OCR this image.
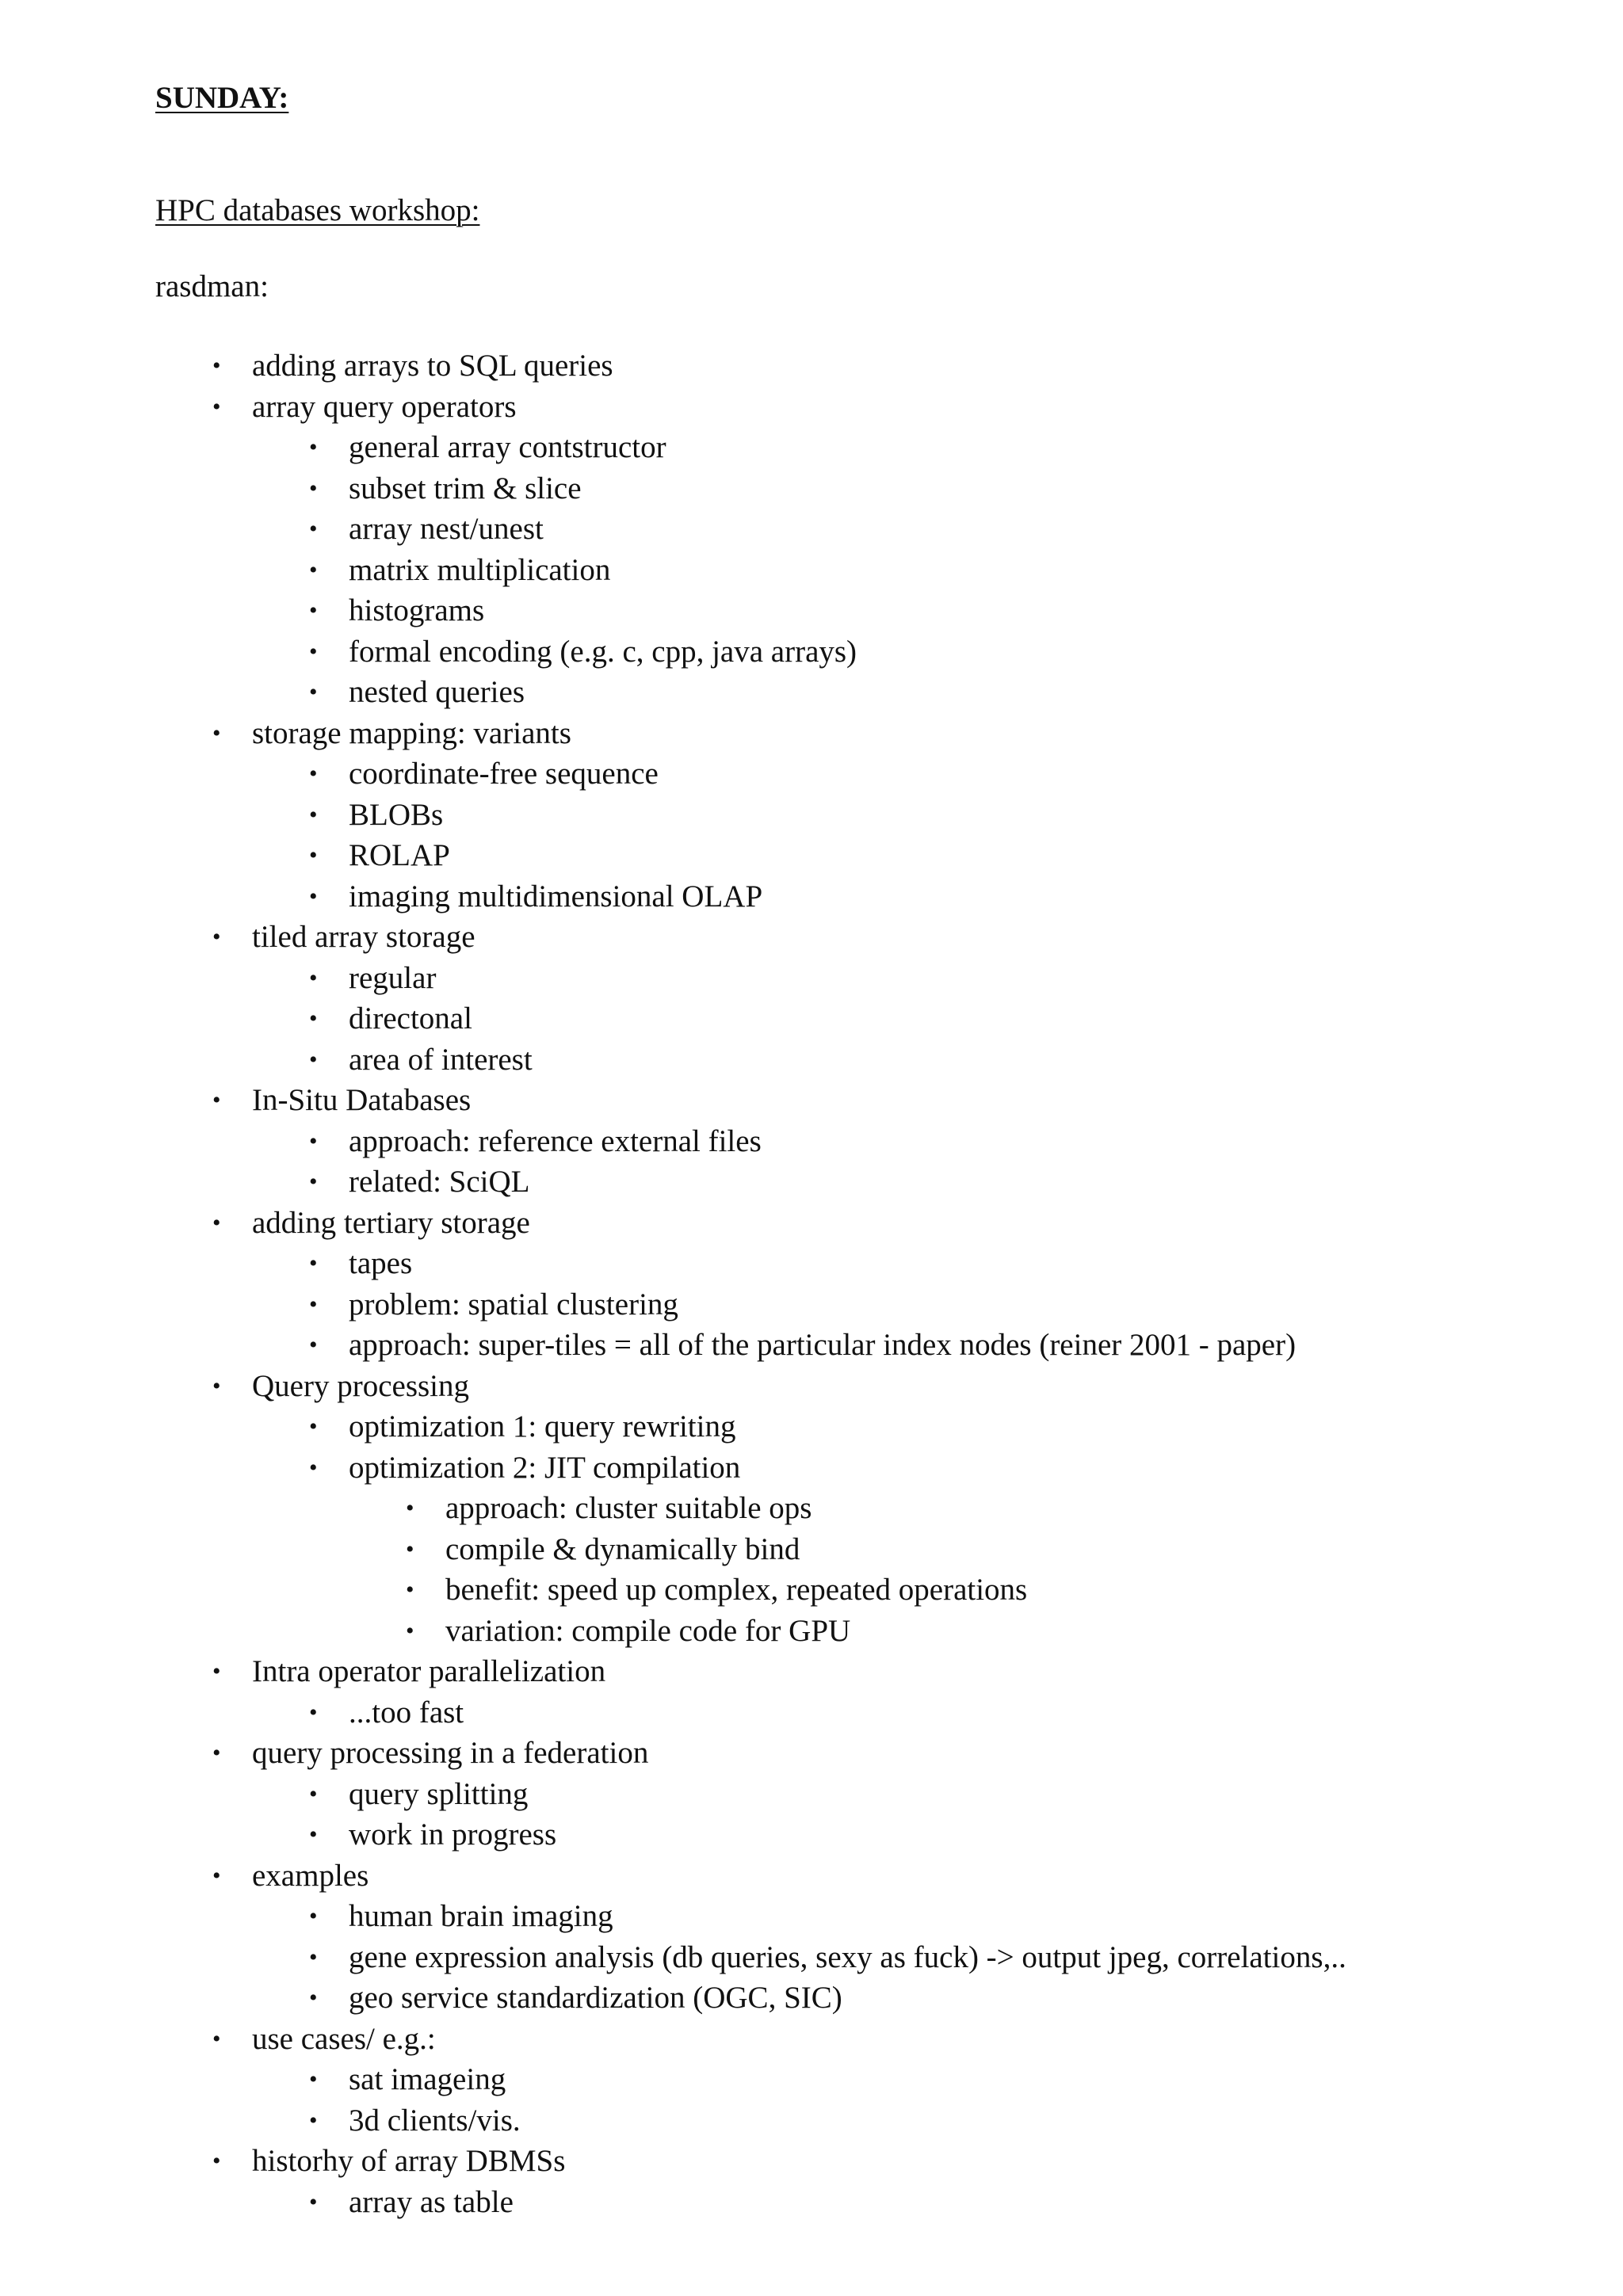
SUNDAY:

HPC databases workshop:

rasdman:

• adding arrays to SQL queries
• array query operators
• general array contstructor
• subset trim & slice
• array nest/unest
• matrix multiplication
• histograms
• formal encoding (e.g. c, cpp, java arrays)
• nested queries
• storage mapping: variants
• coordinate-free sequence
• BLOBs
• ROLAP
• imaging multidimensional OLAP
• tiled array storage
• regular
• directonal
• area of interest
• In-Situ Databases
• approach: reference external files
• related: SciQL
• adding tertiary storage
• tapes
• problem: spatial clustering
• approach: super-tiles = all of the particular index nodes (reiner 2001 - paper)
• Query processing
• optimization 1: query rewriting
• optimization 2: JIT compilation
• approach: cluster suitable ops
• compile & dynamically bind
• benefit: speed up complex, repeated operations
• variation: compile code for GPU
• Intra operator parallelization
• ...too fast
• query processing in a federation
• query splitting
• work in progress
• examples
• human brain imaging
• gene expression analysis (db queries, sexy as fuck) -> output jpeg, correlations,..
• geo service standardization (OGC, SIC)
• use cases/ e.g.:
• sat imageing
• 3d clients/vis.
• historhy of array DBMSs
• array as table
